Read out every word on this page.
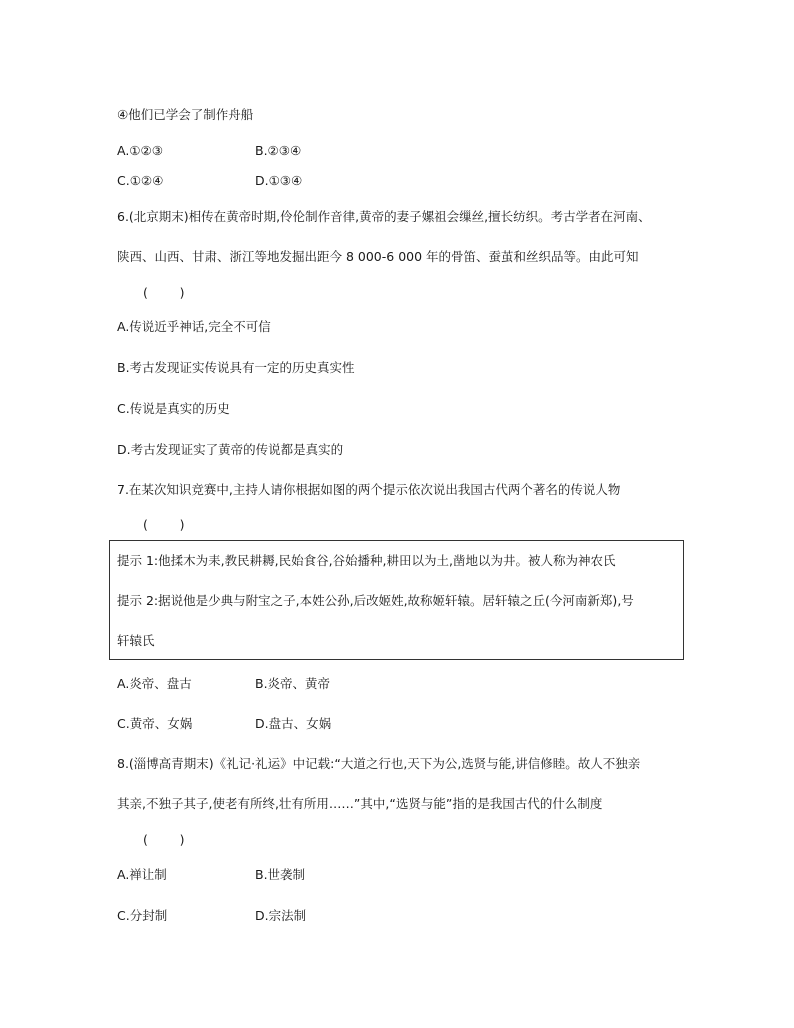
④他们已学会了制作舟船
A.①②③	B.②③④
C.①②④	D.①③④
6.(北京期末)相传在黄帝时期,伶伦制作音律,黄帝的妻子嫘祖会缫丝,擅长纺织。考古学者在河南、
陕西、山西、甘肃、浙江等地发掘出距今 8 000-6 000 年的骨笛、蚕茧和丝织品等。由此可知
(        )
A.传说近乎神话,完全不可信
B.考古发现证实传说具有一定的历史真实性
C.传说是真实的历史
D.考古发现证实了黄帝的传说都是真实的
7.在某次知识竞赛中,主持人请你根据如图的两个提示依次说出我国古代两个著名的传说人物
(        )
提示 1:他揉木为耒,教民耕耨,民始食谷,谷始播种,耕田以为土,凿地以为井。被人称为神农氏
提示 2:据说他是少典与附宝之子,本姓公孙,后改姬姓,故称姬轩辕。居轩辕之丘(今河南新郑),号
轩辕氏
A.炎帝、盘古	B.炎帝、黄帝
C.黄帝、女娲	D.盘古、女娲
8.(淄博高青期末)《礼记·礼运》中记载:“大道之行也,天下为公,选贤与能,讲信修睦。故人不独亲
其亲,不独子其子,使老有所终,壮有所用……”其中,“选贤与能”指的是我国古代的什么制度
(        )
A.禅让制	B.世袭制
C.分封制	D.宗法制
